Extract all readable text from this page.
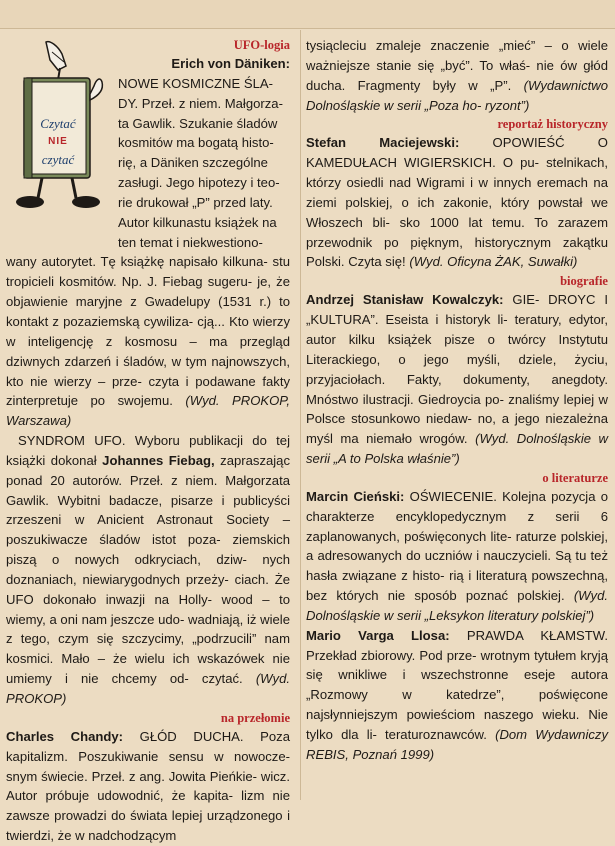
Czytać
NIE
czytać
UFO-logia
Erich von Däniken:
NOWE KOSMICZNE ŚLA-
DY. Przeł. z niem. Małgorza-
ta Gawlik. Szukanie śladów
kosmitów ma bogatą histo-
rię, a Däniken szczególne
zasługi. Jego hipotezy i teo-
rie drukował „P” przed laty.
Autor kilkunastu książek na
ten temat i niekwestiono-

wany autorytet. Tę książkę napisało kilkuna- stu tropicieli kosmitów. Np. J. Fiebag sugeru- je, że objawienie maryjne z Gwadelupy (1531 r.) to kontakt z pozaziemską cywiliza- cją... Kto wierzy w inteligencję z kosmosu – ma przegląd dziwnych zdarzeń i śladów, w tym najnowszych, kto nie wierzy – prze- czyta i podawane fakty zinterpretuje po swojemu. (Wyd. PROKOP, Warszawa)

SYNDROM UFO. Wyboru publikacji do tej książki dokonał Johannes Fiebag, zapraszając ponad 20 autorów. Przeł. z niem. Małgorzata Gawlik. Wybitni badacze, pisarze i publicyści zrzeszeni w Anicient Astronaut Society – poszukiwacze śladów istot poza- ziemskich piszą o nowych odkryciach, dziw- nych doznaniach, niewiarygodnych przeży- ciach. Że UFO dokonało inwazji na Holly- wood – to wiemy, a oni nam jeszcze udo- wadniają, iż wiele z tego, czym się szczycimy, „podrzucili” nam kosmici. Mało – że wielu ich wskazówek nie umiemy i nie chcemy od- czytać. (Wyd. PROKOP)

na przełomie

Charles Chandy: GŁÓD DUCHA. Poza kapitalizm. Poszukiwanie sensu w nowocze- snym świecie. Przeł. z ang. Jowita Pieńkie- wicz. Autor próbuje udowodnić, że kapita- lizm nie zawsze prowadzi do świata lepiej urządzonego i twierdzi, że w nadchodzącym

tysiącleciu zmaleje znaczenie „mieć” – o wiele ważniejsze stanie się „być”. To właś- nie ów głód ducha. Fragmenty były w „P”. (Wydawnictwo Dolnośląskie w serii „Poza ho- ryzont”)

reportaż historyczny

Stefan Maciejewski: OPOWIEŚĆ O KAMEDUŁACH WIGIERSKICH. O pu- stelnikach, którzy osiedli nad Wigrami i w innych eremach na ziemi polskiej, o ich zakonie, który powstał we Włoszech bli- sko 1000 lat temu. To zarazem przewodnik po pięknym, historycznym zakątku Polski. Czyta się! (Wyd. Oficyna ŻAK, Suwałki)

biografie

Andrzej Stanisław Kowalczyk: GIE- DROYC I „KULTURA”. Eseista i historyk li- teratury, edytor, autor kilku książek pisze o twórcy Instytutu Literackiego, o jego myśli, dziele, życiu, przyjaciołach. Fakty, dokumenty, anegdoty. Mnóstwo ilustracji. Giedroycia po- znaliśmy lepiej w Polsce stosunkowo niedaw- no, a jego niezależna myśl ma niemało wrogów. (Wyd. Dolnośląskie w serii „A to Polska właśnie”)

o literaturze

Marcin Cieński: OŚWIECENIE. Kolejna pozycja o charakterze encyklopedycznym z serii 6 zaplanowanych, poświęconych lite- raturze polskiej, a adresowanych do uczniów i nauczycieli. Są tu też hasła związane z histo- rią i literaturą powszechną, bez których nie sposób poznać polskiej. (Wyd. Dolnośląskie w serii „Leksykon literatury polskiej”)

Mario Varga Llosa: PRAWDA KŁAMSTW. Przekład zbiorowy. Pod prze- wrotnym tytułem kryją się wnikliwe i wszechstronne eseje autora „Rozmowy w katedrze”, poświęcone najsłynniejszym powieściom naszego wieku. Nie tylko dla li- teraturoznawców. (Dom Wydawniczy REBIS, Poznań 1999)
